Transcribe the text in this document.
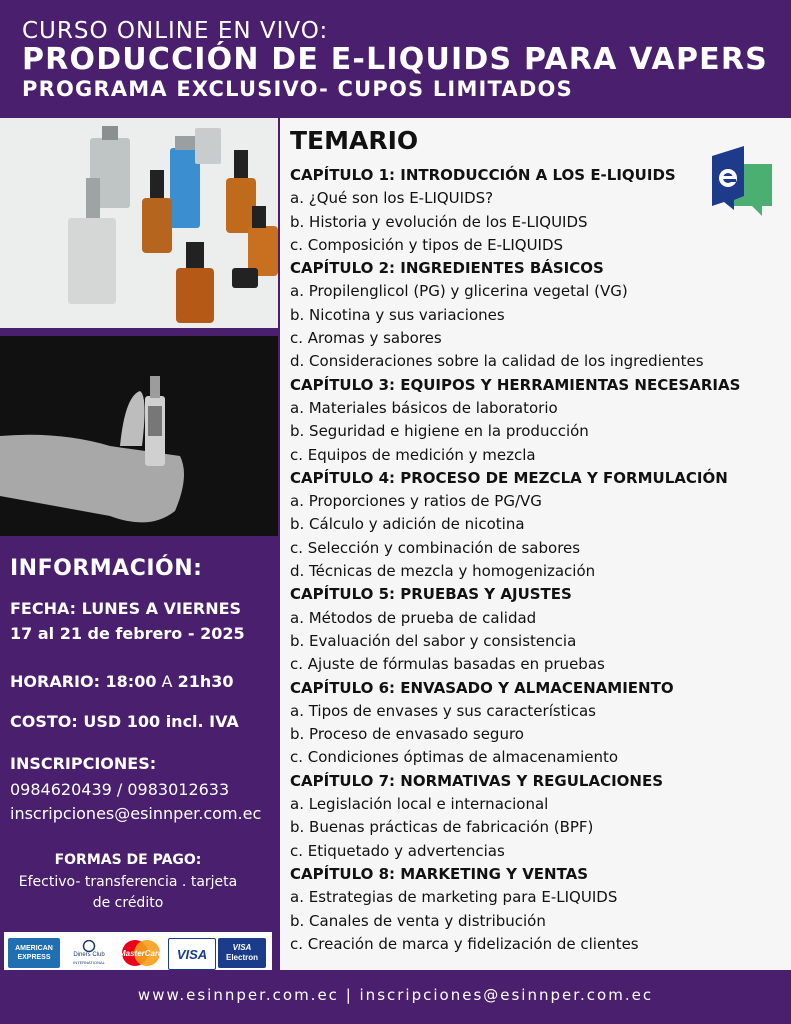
CURSO ONLINE EN VIVO:
PRODUCCIÓN DE E-LIQUIDS PARA VAPERS
PROGRAMA EXCLUSIVO- CUPOS LIMITADOS
INFORMACIÓN:
FECHA: LUNES A VIERNES
17 al 21 de febrero - 2025
HORARIO: 18:00 A 21h30
COSTO: USD 100 incl. IVA
INSCRIPCIONES:
0984620439 / 0983012633
inscripciones@esinnper.com.ec
FORMAS DE PAGO:
Efectivo- transferencia . tarjeta
de crédito
AMERICAN
EXPRESS	Diners Club
INTERNATIONAL
MasterCard VISA	VISA
Electron
TEMARIO
CAPÍTULO 1: INTRODUCCIÓN A LOS E-LIQUIDS
a. ¿Qué son los E-LIQUIDS?
b. Historia y evolución de los E-LIQUIDS
c. Composición y tipos de E-LIQUIDS
CAPÍTULO 2: INGREDIENTES BÁSICOS
a. Propilenglicol (PG) y glicerina vegetal (VG)
b. Nicotina y sus variaciones
c. Aromas y sabores
d. Consideraciones sobre la calidad de los ingredientes
CAPÍTULO 3: EQUIPOS Y HERRAMIENTAS NECESARIAS
a. Materiales básicos de laboratorio
b. Seguridad e higiene en la producción
c. Equipos de medición y mezcla
CAPÍTULO 4: PROCESO DE MEZCLA Y FORMULACIÓN
a. Proporciones y ratios de PG/VG
b. Cálculo y adición de nicotina
c. Selección y combinación de sabores
d. Técnicas de mezcla y homogenización
CAPÍTULO 5: PRUEBAS Y AJUSTES
a. Métodos de prueba de calidad
b. Evaluación del sabor y consistencia
c. Ajuste de fórmulas basadas en pruebas
CAPÍTULO 6: ENVASADO Y ALMACENAMIENTO
a. Tipos de envases y sus características
b. Proceso de envasado seguro
c. Condiciones óptimas de almacenamiento
CAPÍTULO 7: NORMATIVAS Y REGULACIONES
a. Legislación local e internacional
b. Buenas prácticas de fabricación (BPF)
c. Etiquetado y advertencias
CAPÍTULO 8: MARKETING Y VENTAS
a. Estrategias de marketing para E-LIQUIDS
b. Canales de venta y distribución
c. Creación de marca y fidelización de clientes
www.esinnper.com.ec | inscripciones@esinnper.com.ec
